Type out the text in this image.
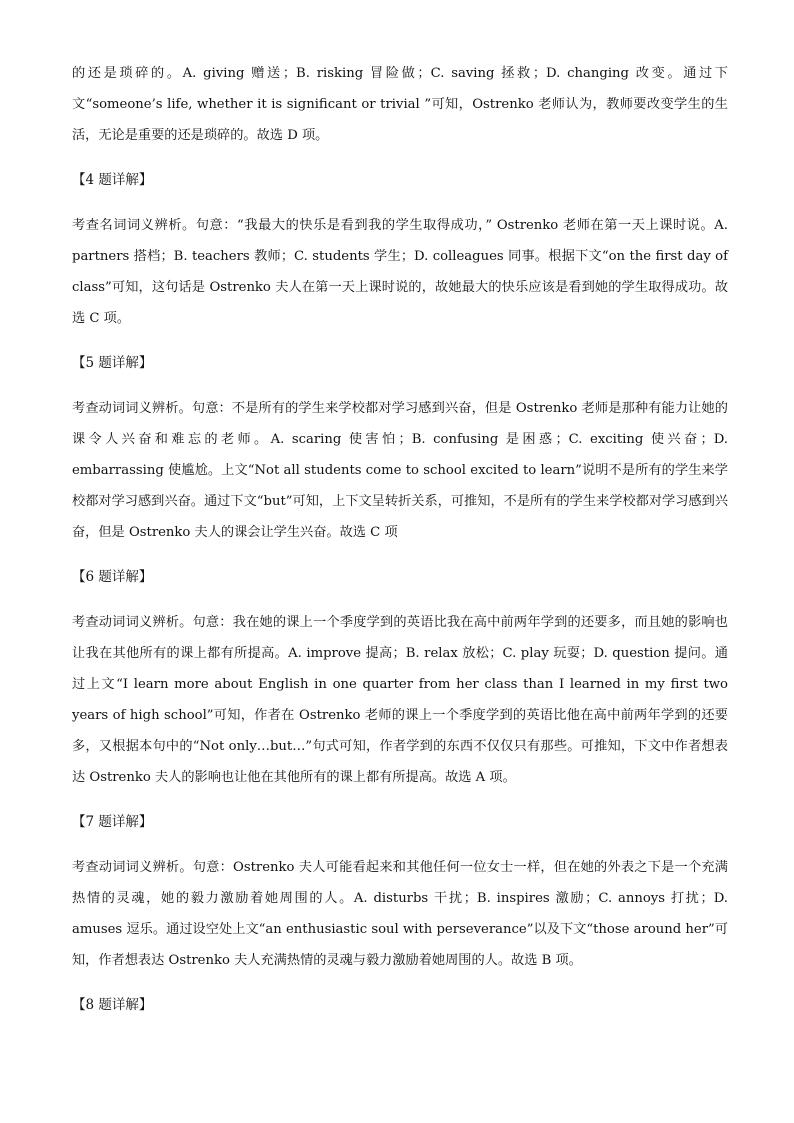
的还是琐碎的。A. giving 赠送；B. risking 冒险做；C. saving 拯救；D. changing 改变。通过下文“someone’s life, whether it is significant or trivial ”可知，Ostrenko 老师认为，教师要改变学生的生活，无论是重要的还是琐碎的。故选 D 项。

【4 题详解】

考查名词词义辨析。句意：“我最大的快乐是看到我的学生取得成功，” Ostrenko 老师在第一天上课时说。A. partners 搭档；B. teachers 教师；C. students 学生；D. colleagues 同事。根据下文“on the first day of class”可知，这句话是 Ostrenko 夫人在第一天上课时说的，故她最大的快乐应该是看到她的学生取得成功。故选 C 项。

【5 题详解】

考查动词词义辨析。句意：不是所有的学生来学校都对学习感到兴奋，但是 Ostrenko 老师是那种有能力让她的课令人兴奋和难忘的老师。A. scaring 使害怕；B. confusing 是困惑；C. exciting 使兴奋；D. embarrassing 使尴尬。上文“Not all students come to school excited to learn”说明不是所有的学生来学校都对学习感到兴奋。通过下文“but”可知，上下文呈转折关系，可推知，不是所有的学生来学校都对学习感到兴奋，但是 Ostrenko 夫人的课会让学生兴奋。故选 C 项

【6 题详解】

考查动词词义辨析。句意：我在她的课上一个季度学到的英语比我在高中前两年学到的还要多，而且她的影响也让我在其他所有的课上都有所提高。A. improve 提高；B. relax 放松；C. play 玩耍；D. question 提问。通过上文“I learn more about English in one quarter from her class than I learned in my first two years of high school”可知，作者在 Ostrenko 老师的课上一个季度学到的英语比他在高中前两年学到的还要多，又根据本句中的“Not only…but…”句式可知，作者学到的东西不仅仅只有那些。可推知，下文中作者想表达 Ostrenko 夫人的影响也让他在其他所有的课上都有所提高。故选 A 项。

【7 题详解】

考查动词词义辨析。句意：Ostrenko 夫人可能看起来和其他任何一位女士一样，但在她的外表之下是一个充满热情的灵魂，她的毅力激励着她周围的人。A. disturbs 干扰；B. inspires 激励；C. annoys 打扰；D. amuses 逗乐。通过设空处上文“an enthusiastic soul with perseverance”以及下文“those around her”可知，作者想表达 Ostrenko 夫人充满热情的灵魂与毅力激励着她周围的人。故选 B 项。

【8 题详解】
